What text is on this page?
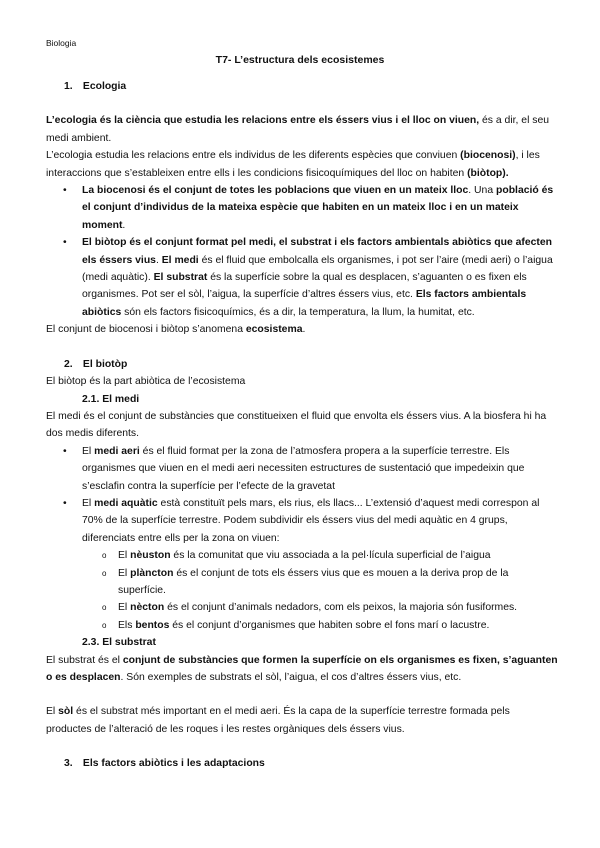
Biologia
T7- L’estructura dels ecosistemes

1. Ecologia

L’ecologia és la ciència que estudia les relacions entre els éssers vius i el lloc on viuen, és a dir, el seu medi ambient.

L’ecologia estudia les relacions entre els individus de les diferents espècies que conviuen (biocenosi), i les interaccions que s’estableixen entre ells i les condicions fisicoquímiques del lloc on habiten (biòtop).

• La biocenosi és el conjunt de totes les poblacions que viuen en un mateix lloc. Una població és el conjunt d’individus de la mateixa espècie que habiten en un mateix lloc i en un mateix moment.
• El biòtop és el conjunt format pel medi, el substrat i els factors ambientals abiòtics que afecten els éssers vius. El medi és el fluid que embolcalla els organismes, i pot ser l’aire (medi aeri) o l’aigua (medi aquàtic). El substrat és la superfície sobre la qual es desplacen, s’aguanten o es fixen els organismes. Pot ser el sòl, l’aigua, la superfície d’altres éssers vius, etc. Els factors ambientals abiòtics són els factors fisicoquímics, és a dir, la temperatura, la llum, la humitat, etc.

El conjunt de biocenosi i biòtop s’anomena ecosistema.

2. El biotòp

El biòtop és la part abiòtica de l’ecosistema

2.1. El medi

El medi és el conjunt de substàncies que constitueixen el fluid que envolta els éssers vius. A la biosfera hi ha dos medis diferents.

• El medi aeri és el fluid format per la zona de l’atmosfera propera a la superfície terrestre. Els organismes que viuen en el medi aeri necessiten estructures de sustentació que impedeixin que s’esclafin contra la superfície per l’efecte de la gravetat
• El medi aquàtic està constituït pels mars, els rius, els llacs... L’extensió d’aquest medi correspon al 70% de la superfície terrestre. Podem subdividir els éssers vius del medi aquàtic en 4 grups, diferenciats entre ells per la zona on viuen:
o El nèuston és la comunitat que viu associada a la pel·lícula superficial de l’aigua
o El plàncton és el conjunt de tots els éssers vius que es mouen a la deriva prop de la superfície.
o El nècton és el conjunt d’animals nedadors, com els peixos, la majoria són fusiformes.
o Els bentos és el conjunt d’organismes que habiten sobre el fons marí o lacustre.

2.3. El substrat

El substrat és el conjunt de substàncies que formen la superfície on els organismes es fixen, s’aguanten o es desplacen. Són exemples de substrats el sòl, l’aigua, el cos d’altres éssers vius, etc.

El sòl és el substrat més important en el medi aeri. És la capa de la superfície terrestre formada pels productes de l’alteració de les roques i les restes orgàniques dels éssers vius.

3. Els factors abiòtics i les adaptacions
